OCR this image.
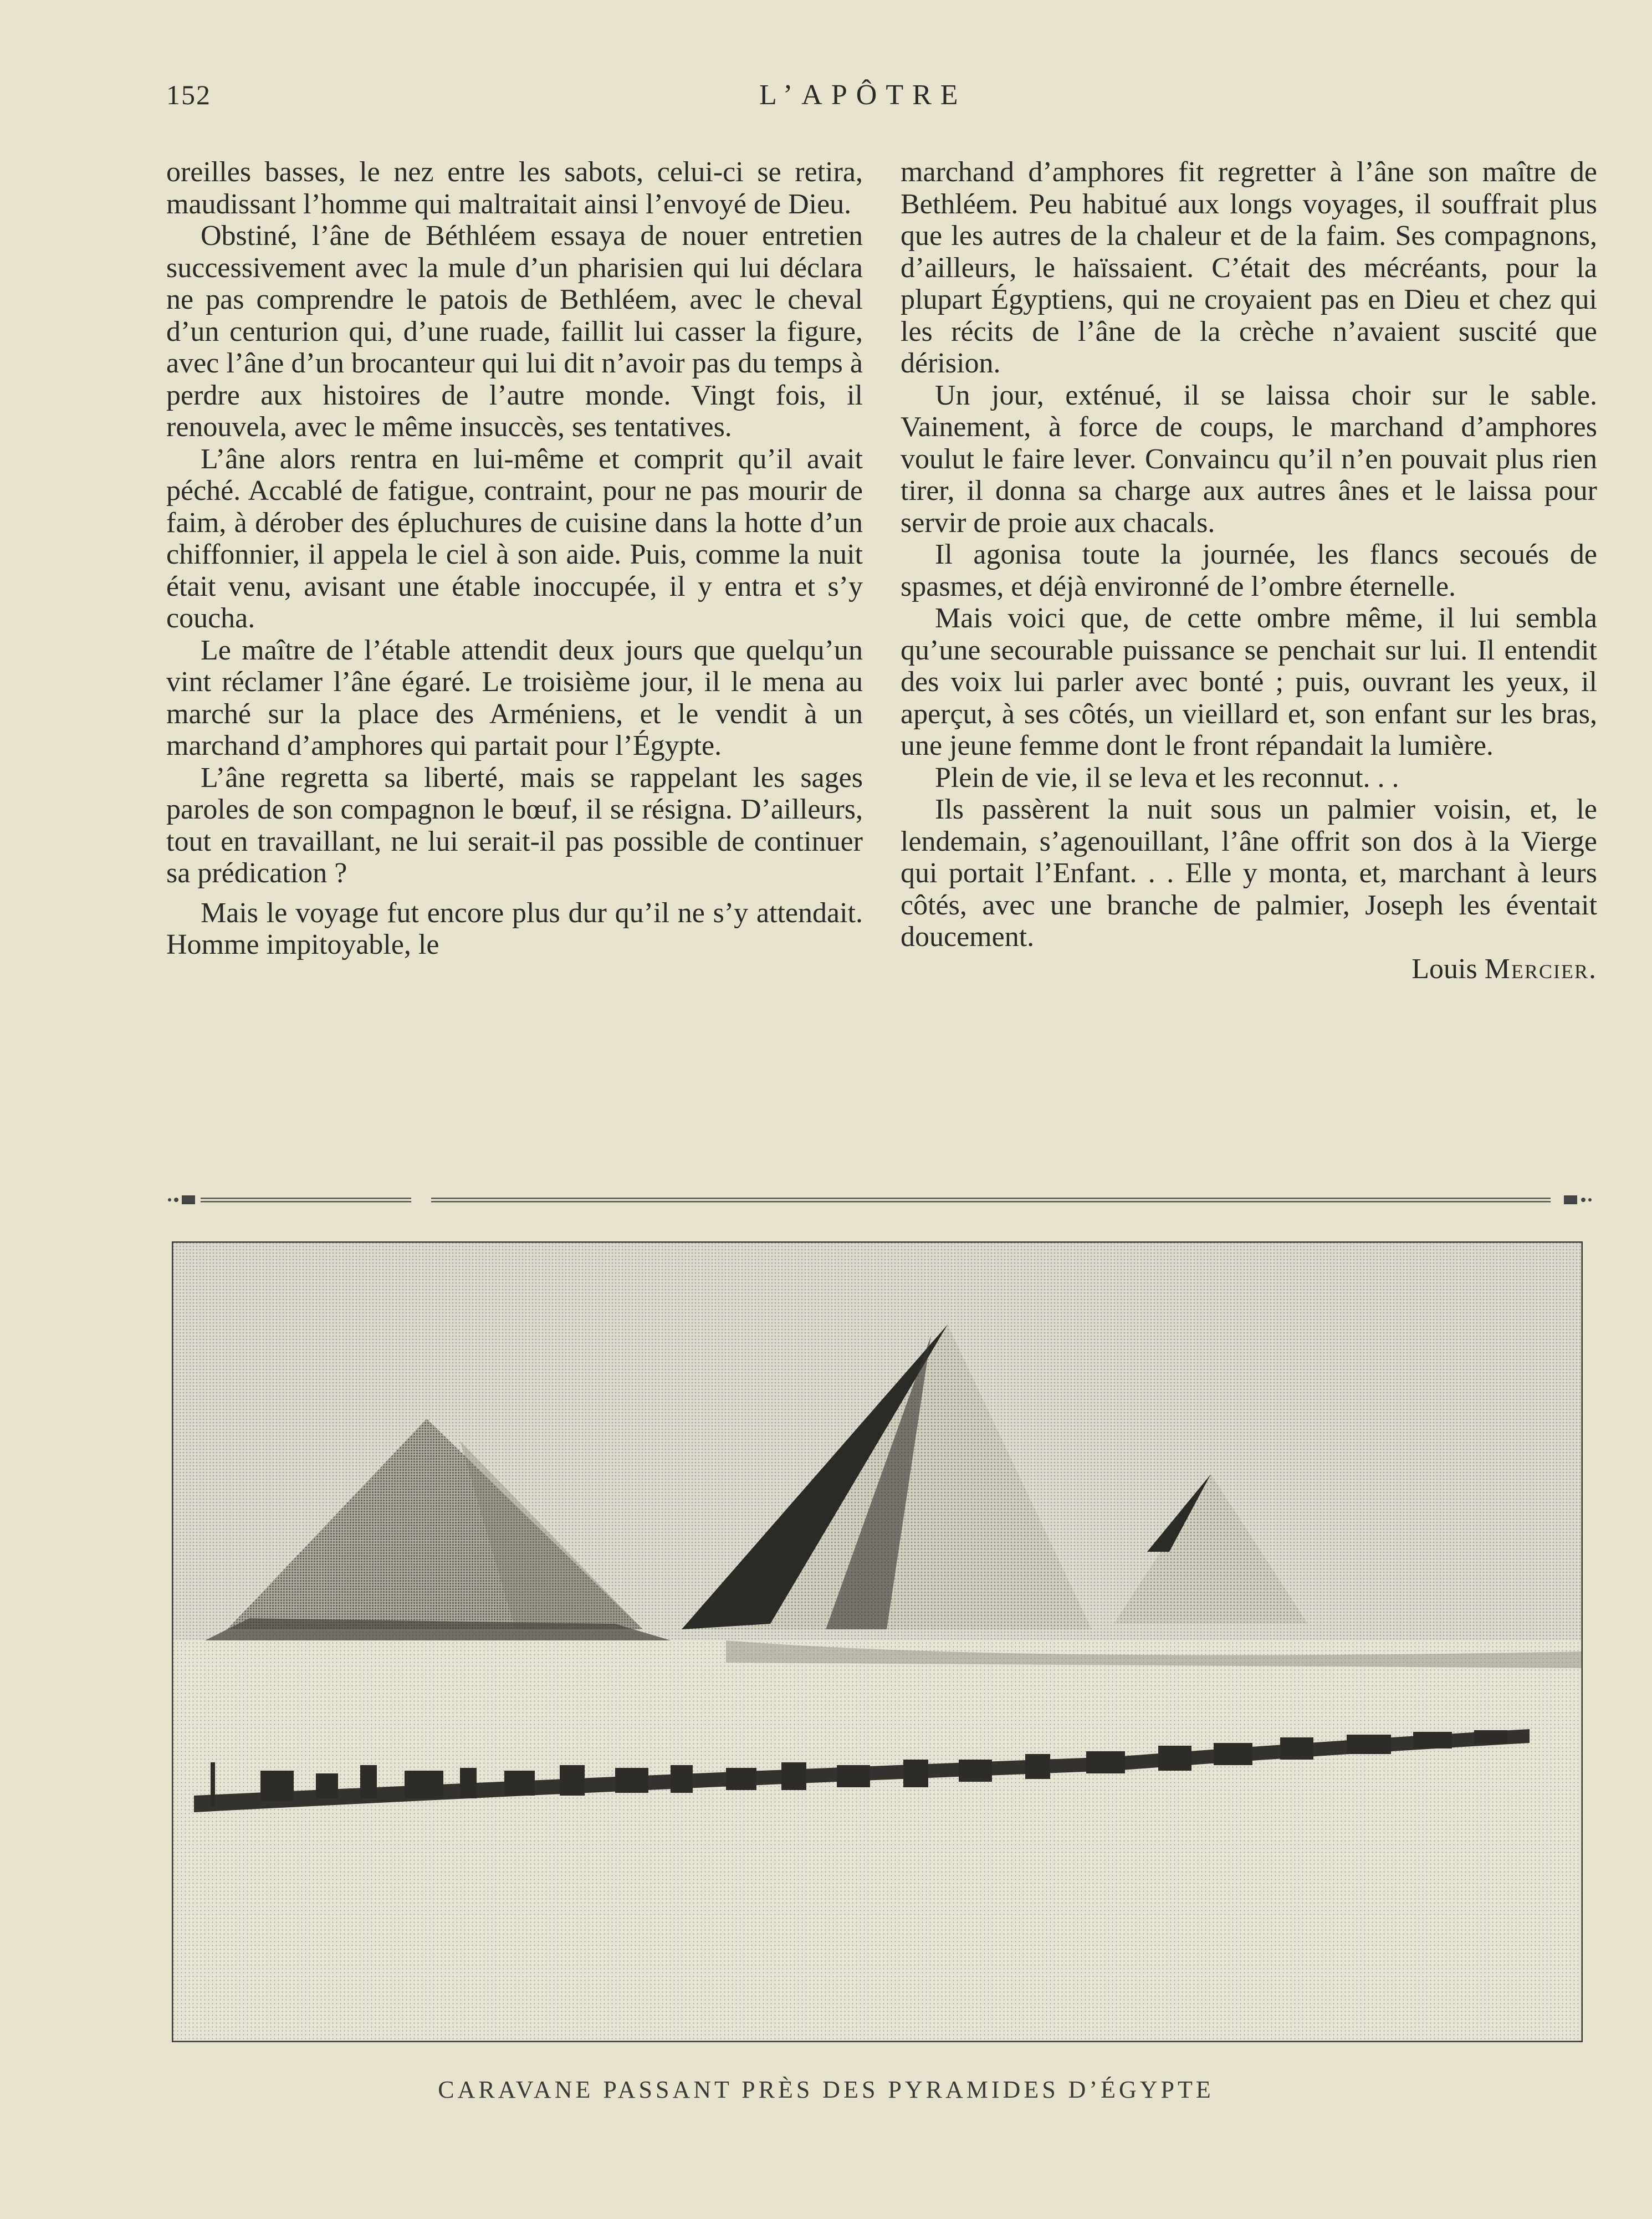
152	L’APÔTRE

oreilles basses, le nez entre les sabots, celui-ci se retira, maudissant l’homme qui maltraitait ainsi l’envoyé de Dieu.

Obstiné, l’âne de Béthléem essaya de nouer entretien successivement avec la mule d’un pharisien qui lui déclara ne pas comprendre le patois de Bethléem, avec le cheval d’un centurion qui, d’une ruade, faillit lui casser la figure, avec l’âne d’un brocanteur qui lui dit n’avoir pas du temps à perdre aux histoires de l’autre monde. Vingt fois, il renouvela, avec le même insuccès, ses tentatives.

L’âne alors rentra en lui-même et comprit qu’il avait péché. Accablé de fatigue, contraint, pour ne pas mourir de faim, à dérober des épluchures de cuisine dans la hotte d’un chiffonnier, il appela le ciel à son aide. Puis, comme la nuit était venu, avisant une étable inoccupée, il y entra et s’y coucha.

Le maître de l’étable attendit deux jours que quelqu’un vint réclamer l’âne égaré. Le troisième jour, il le mena au marché sur la place des Arméniens, et le vendit à un marchand d’amphores qui partait pour l’Égypte.

L’âne regretta sa liberté, mais se rappelant les sages paroles de son compagnon le bœuf, il se résigna. D’ailleurs, tout en travaillant, ne lui serait-il pas possible de continuer sa prédication ?

Mais le voyage fut encore plus dur qu’il ne s’y attendait. Homme impitoyable, le

marchand d’amphores fit regretter à l’âne son maître de Bethléem. Peu habitué aux longs voyages, il souffrait plus que les autres de la chaleur et de la faim. Ses compagnons, d’ailleurs, le haïssaient. C’était des mécréants, pour la plupart Égyptiens, qui ne croyaient pas en Dieu et chez qui les récits de l’âne de la crèche n’avaient suscité que dérision.

Un jour, exténué, il se laissa choir sur le sable. Vainement, à force de coups, le marchand d’amphores voulut le faire lever. Convaincu qu’il n’en pouvait plus rien tirer, il donna sa charge aux autres ânes et le laissa pour servir de proie aux chacals.

Il agonisa toute la journée, les flancs secoués de spasmes, et déjà environné de l’ombre éternelle.

Mais voici que, de cette ombre même, il lui sembla qu’une secourable puissance se penchait sur lui. Il entendit des voix lui parler avec bonté ; puis, ouvrant les yeux, il aperçut, à ses côtés, un vieillard et, son enfant sur les bras, une jeune femme dont le front répandait la lumière.

Plein de vie, il se leva et les reconnut. . .

Ils passèrent la nuit sous un palmier voisin, et, le lendemain, s’agenouillant, l’âne offrit son dos à la Vierge qui portait l’Enfant. . . Elle y monta, et, marchant à leurs côtés, avec une branche de palmier, Joseph les éventait doucement.

Louis Mercier.
CARAVANE PASSANT PRÈS DES PYRAMIDES D’ÉGYPTE
